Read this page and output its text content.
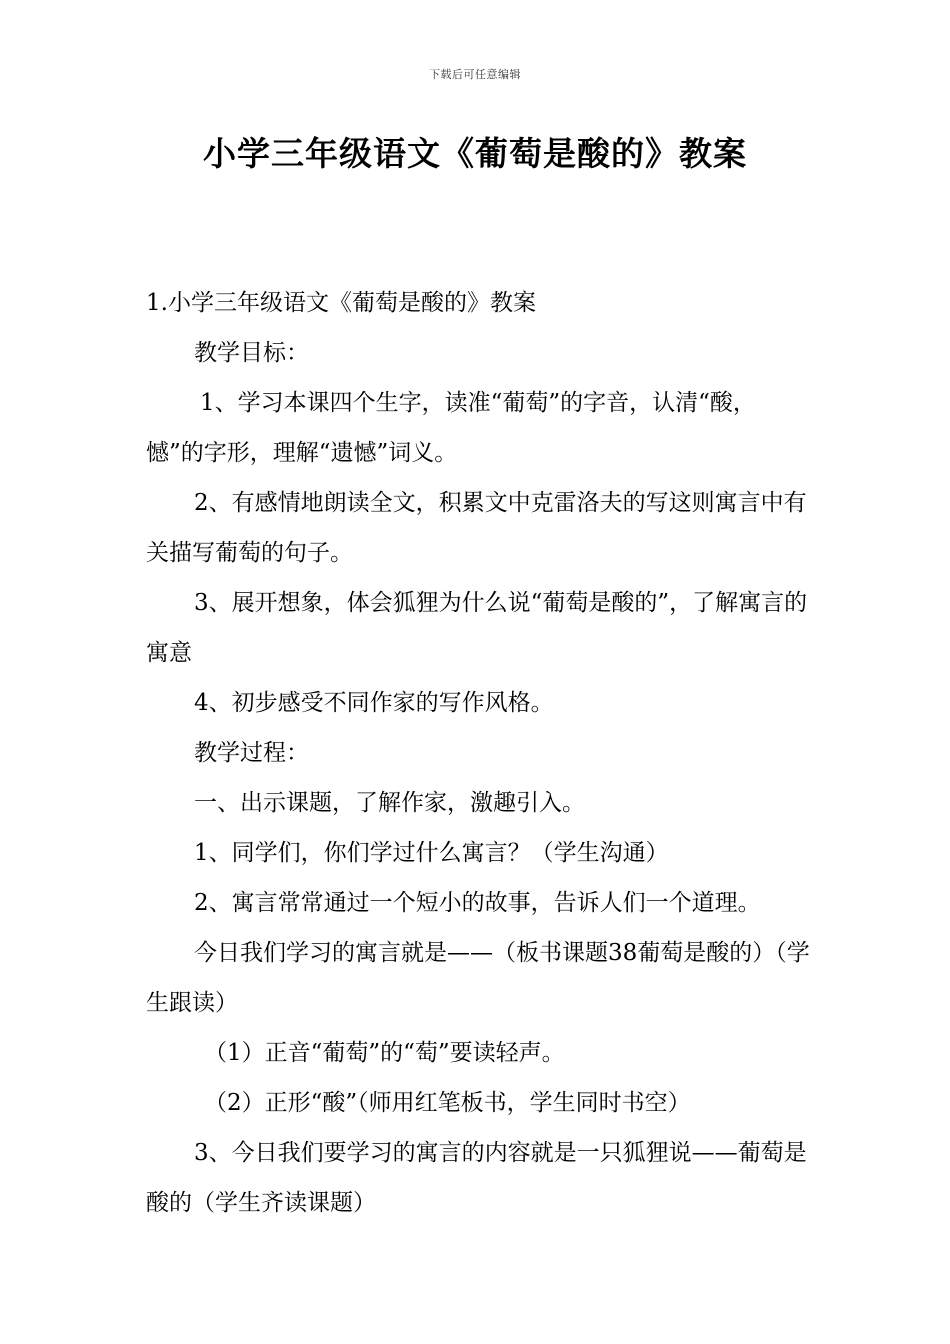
下载后可任意编辑
小学三年级语文《葡萄是酸的》教案

1.小学三年级语文《葡萄是酸的》教案

教学目标：

1、学习本课四个生字，读准“葡萄”的字音，认清“酸，憾”的字形，理解“遗憾”词义。

2、有感情地朗读全文，积累文中克雷洛夫的写这则寓言中有关描写葡萄的句子。

3、展开想象，体会狐狸为什么说“葡萄是酸的”，了解寓言的寓意

4、初步感受不同作家的写作风格。

教学过程：

一、出示课题，了解作家，激趣引入。

1、同学们，你们学过什么寓言？（学生沟通）

2、寓言常常通过一个短小的故事，告诉人们一个道理。

今日我们学习的寓言就是——（板书课题38葡萄是酸的）（学生跟读）

（1）正音“葡萄”的“萄”要读轻声。

（2）正形“酸”（师用红笔板书，学生同时书空）

3、今日我们要学习的寓言的内容就是一只狐狸说——葡萄是酸的（学生齐读课题）
